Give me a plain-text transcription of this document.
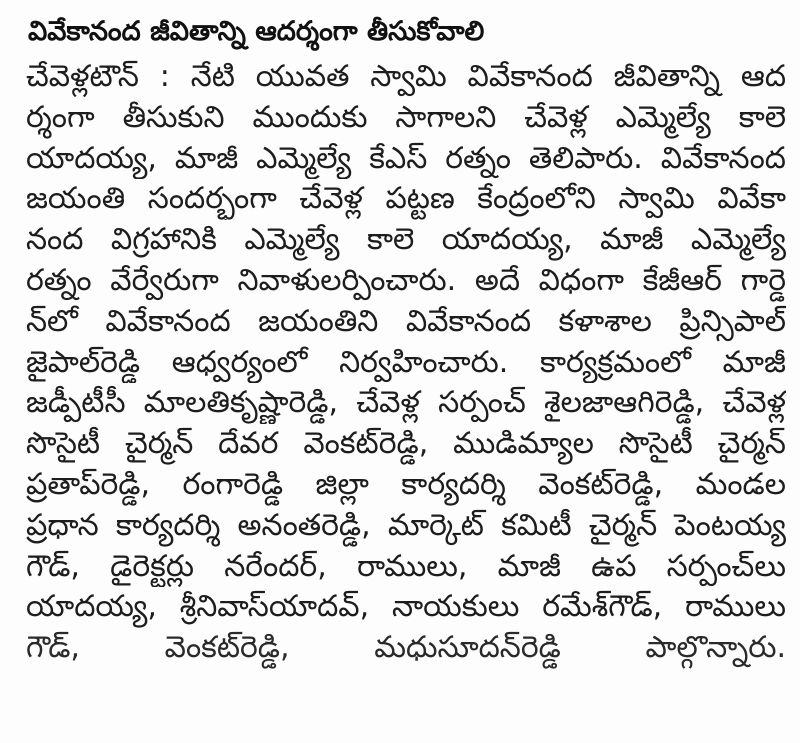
వివేకానంద జీవితాన్ని ఆదర్శంగా తీసుకోవాలి
చేవెళ్లటౌన్ : నేటి యువత స్వామి వివేకానంద జీవితాన్ని ఆద
ర్శంగా తీసుకుని ముందుకు సాగాలని చేవెళ్ల ఎమ్మెల్యే కాలె
యాదయ్య, మాజీ ఎమ్మెల్యే కేఎస్ రత్నం తెలిపారు. వివేకానంద
జయంతి సందర్భంగా చేవెళ్ల పట్టణ కేంద్రంలోని స్వామి వివేకా
నంద విగ్రహానికి ఎమ్మెల్యే కాలె యాదయ్య, మాజీ ఎమ్మెల్యే
రత్నం వేర్వేరుగా నివాళులర్పించారు. అదే విధంగా కేజీఆర్ గార్డె
న్‌లో వివేకానంద జయంతిని వివేకానంద కళాశాల ప్రిన్సిపాల్
జైపాల్‌రెడ్డి ఆధ్వర్యంలో నిర్వహించారు. కార్యక్రమంలో మాజీ
జడ్పీటీసీ మాలతికృష్ణారెడ్డి, చేవెళ్ల సర్పంచ్ శైలజాఆగిరెడ్డి, చేవెళ్ల
సొసైటీ చైర్మన్ దేవర వెంకట్‌రెడ్డి, ముడిమ్యాల సొసైటీ చైర్మన్
ప్రతాప్‌రెడ్డి, రంగారెడ్డి జిల్లా కార్యదర్శి వెంకట్‌రెడ్డి, మండల
ప్రధాన కార్యదర్శి అనంతరెడ్డి, మార్కెట్ కమిటీ చైర్మన్ పెంటయ్య
గౌడ్, డైరెక్టర్లు నరేందర్, రాములు, మాజీ ఉప సర్పంచ్‌లు
యాదయ్య, శ్రీనివాస్‌యాదవ్, నాయకులు రమేశ్‌గౌడ్, రాములు
గౌడ్, వెంకట్‌రెడ్డి, మధుసూదన్‌రెడ్డి పాల్గొన్నారు.
